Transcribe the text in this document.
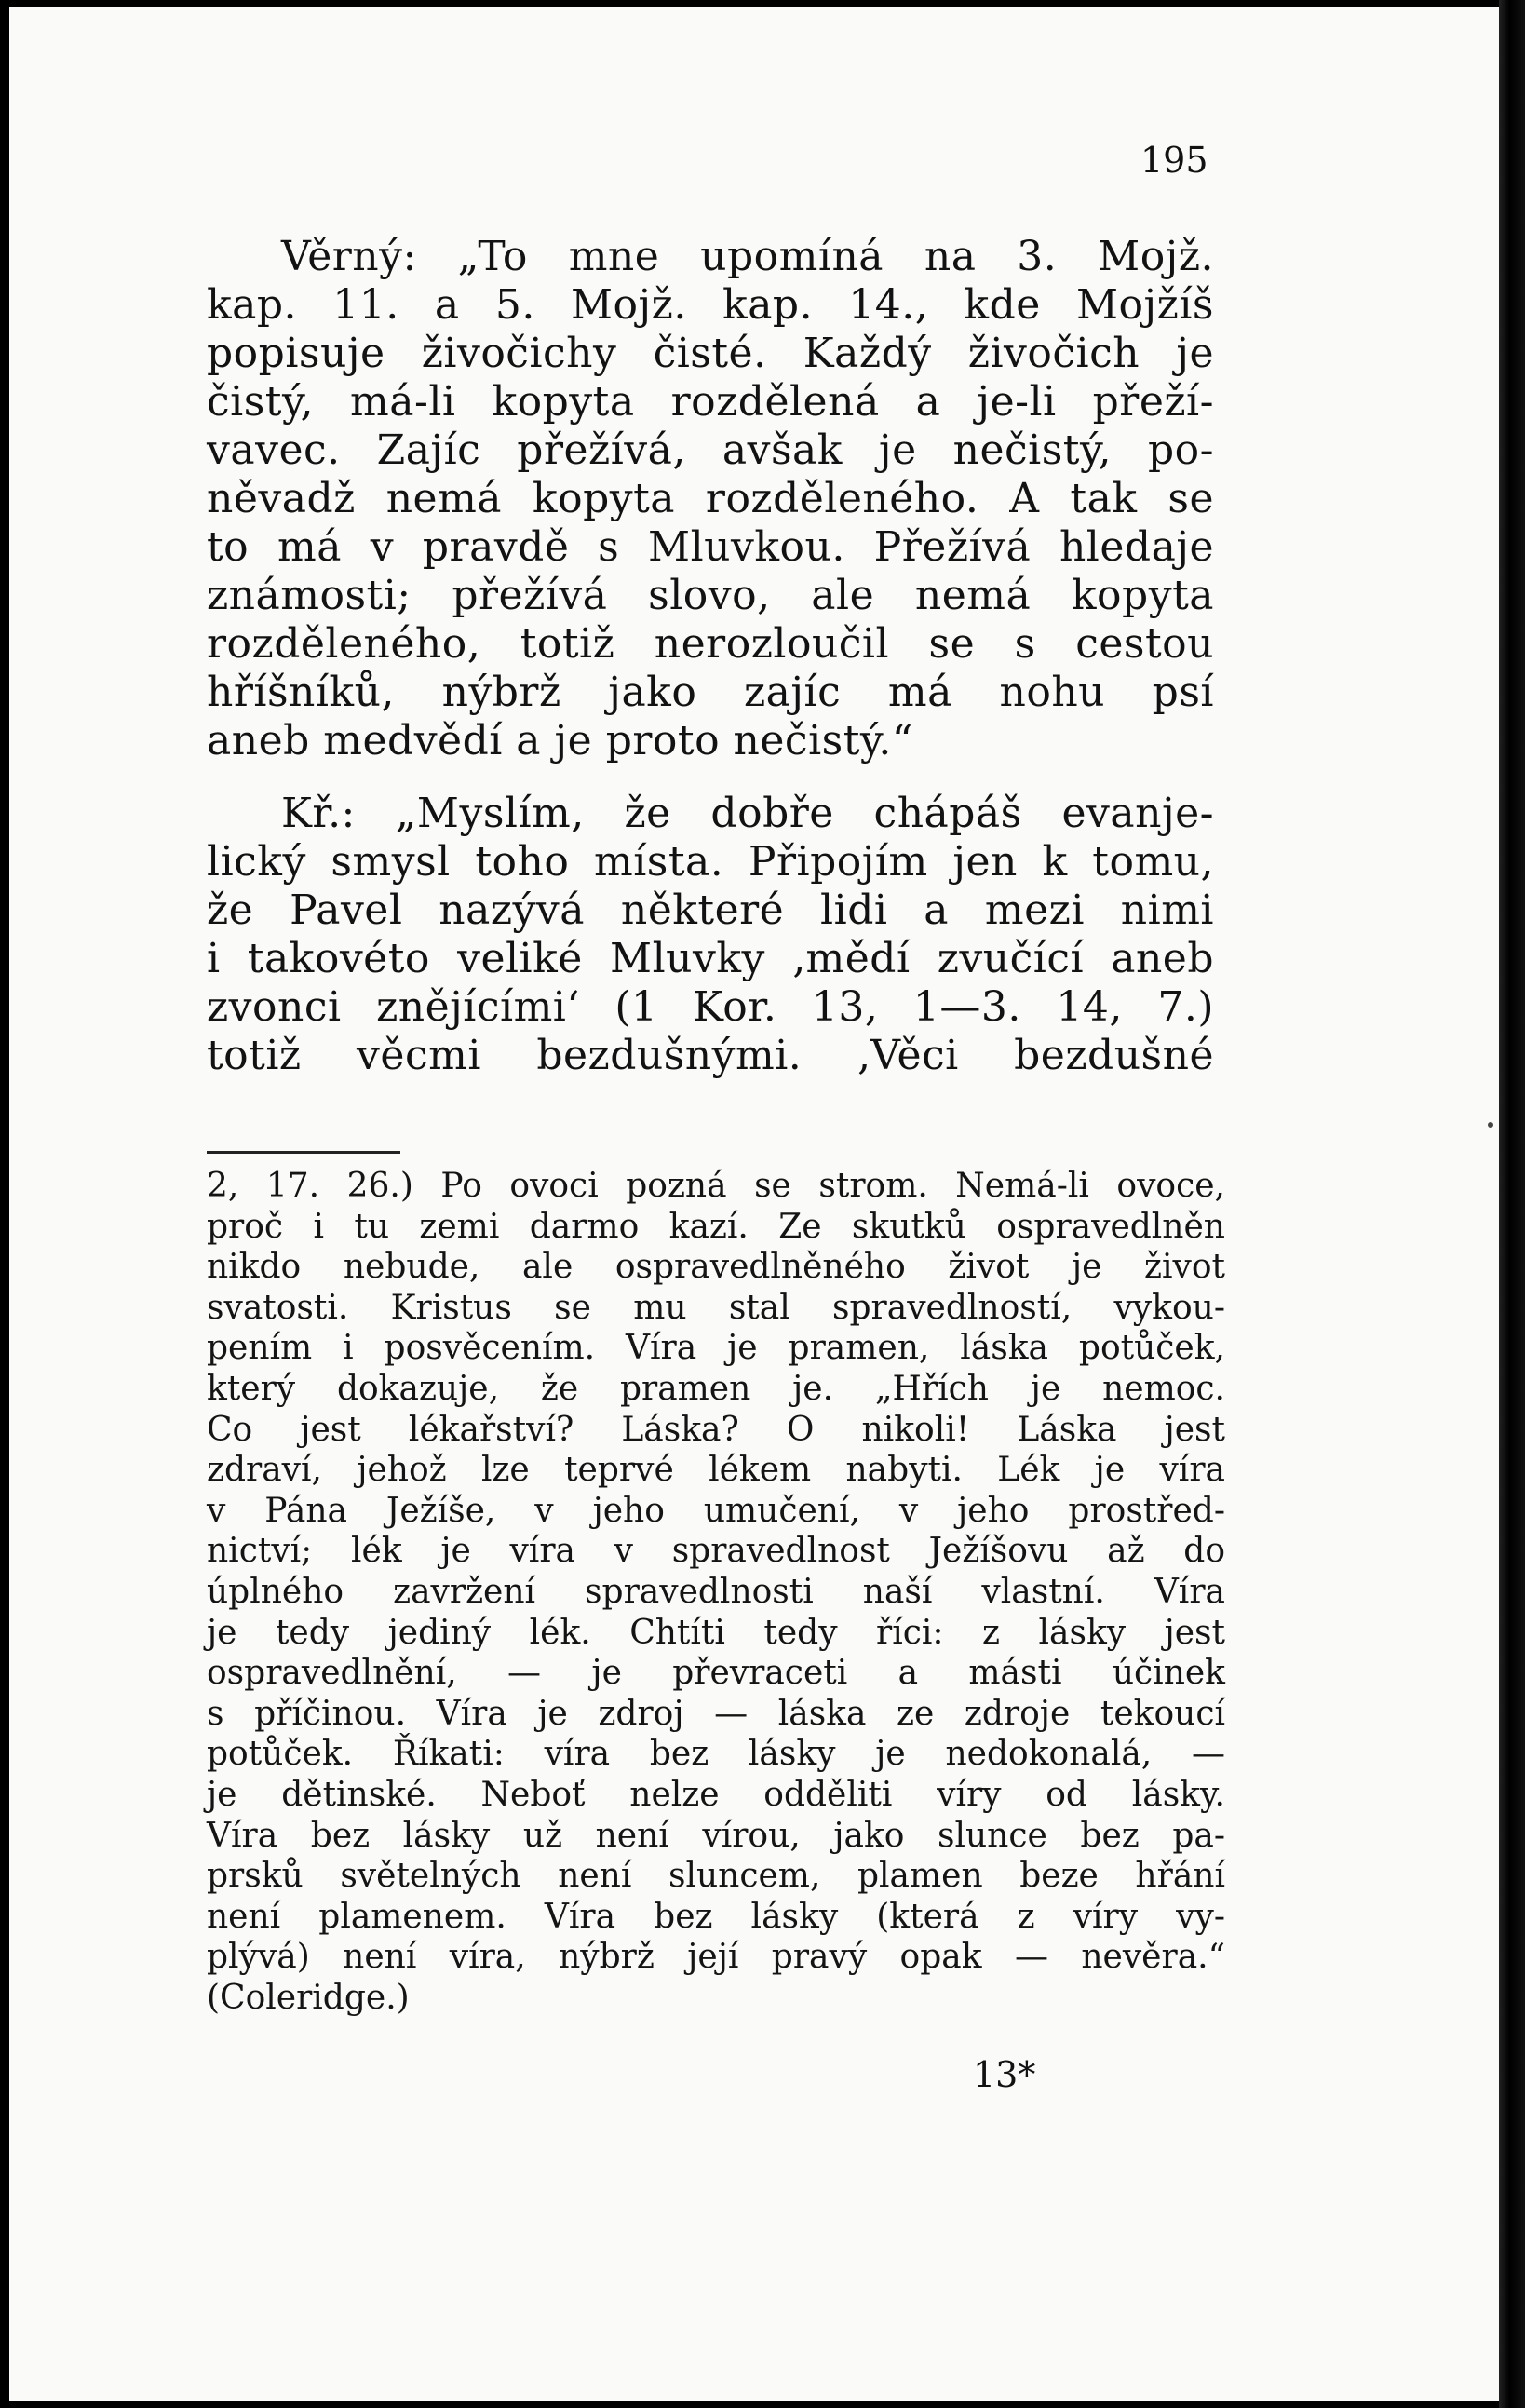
195
Věrný: „To mne upomíná na 3. Mojž.
kap. 11. a 5. Mojž. kap. 14., kde Mojžíš
popisuje živočichy čisté. Každý živočich je
čistý, má-li kopyta rozdělená a je-li přeží-
vavec. Zajíc přežívá, avšak je nečistý, po-
něvadž nemá kopyta rozděleného. A tak se
to má v pravdě s Mluvkou. Přežívá hledaje
známosti; přežívá slovo, ale nemá kopyta
rozděleného, totiž nerozloučil se s cestou
hříšníků, nýbrž jako zajíc má nohu psí
aneb medvědí a je proto nečistý.“
Kř.: „Myslím, že dobře chápáš evanje-
lický smysl toho místa. Připojím jen k tomu,
že Pavel nazývá některé lidi a mezi nimi
i takovéto veliké Mluvky ‚mědí zvučící aneb
zvonci znějícími‘ (1 Kor. 13, 1—3. 14, 7.)
totiž věcmi bezdušnými. ‚Věci bezdušné
2, 17. 26.) Po ovoci pozná se strom. Nemá-li ovoce,
proč i tu zemi darmo kazí. Ze skutků ospravedlněn
nikdo nebude, ale ospravedlněného život je život
svatosti. Kristus se mu stal spravedlností, vykou-
pením i posvěcením. Víra je pramen, láska potůček,
který dokazuje, že pramen je. „Hřích je nemoc.
Co jest lékařství? Láska? O nikoli! Láska jest
zdraví, jehož lze teprvé lékem nabyti. Lék je víra
v Pána Ježíše, v jeho umučení, v jeho prostřed-
nictví; lék je víra v spravedlnost Ježíšovu až do
úplného zavržení spravedlnosti naší vlastní. Víra
je tedy jediný lék. Chtíti tedy říci: z lásky jest
ospravedlnění, — je převraceti a másti účinek
s příčinou. Víra je zdroj — láska ze zdroje tekoucí
potůček. Říkati: víra bez lásky je nedokonalá, —
je dětinské. Neboť nelze odděliti víry od lásky.
Víra bez lásky už není vírou, jako slunce bez pa-
prsků světelných není sluncem, plamen beze hřání
není plamenem. Víra bez lásky (která z víry vy-
plývá) není víra, nýbrž její pravý opak — nevěra.“
(Coleridge.)
13*
